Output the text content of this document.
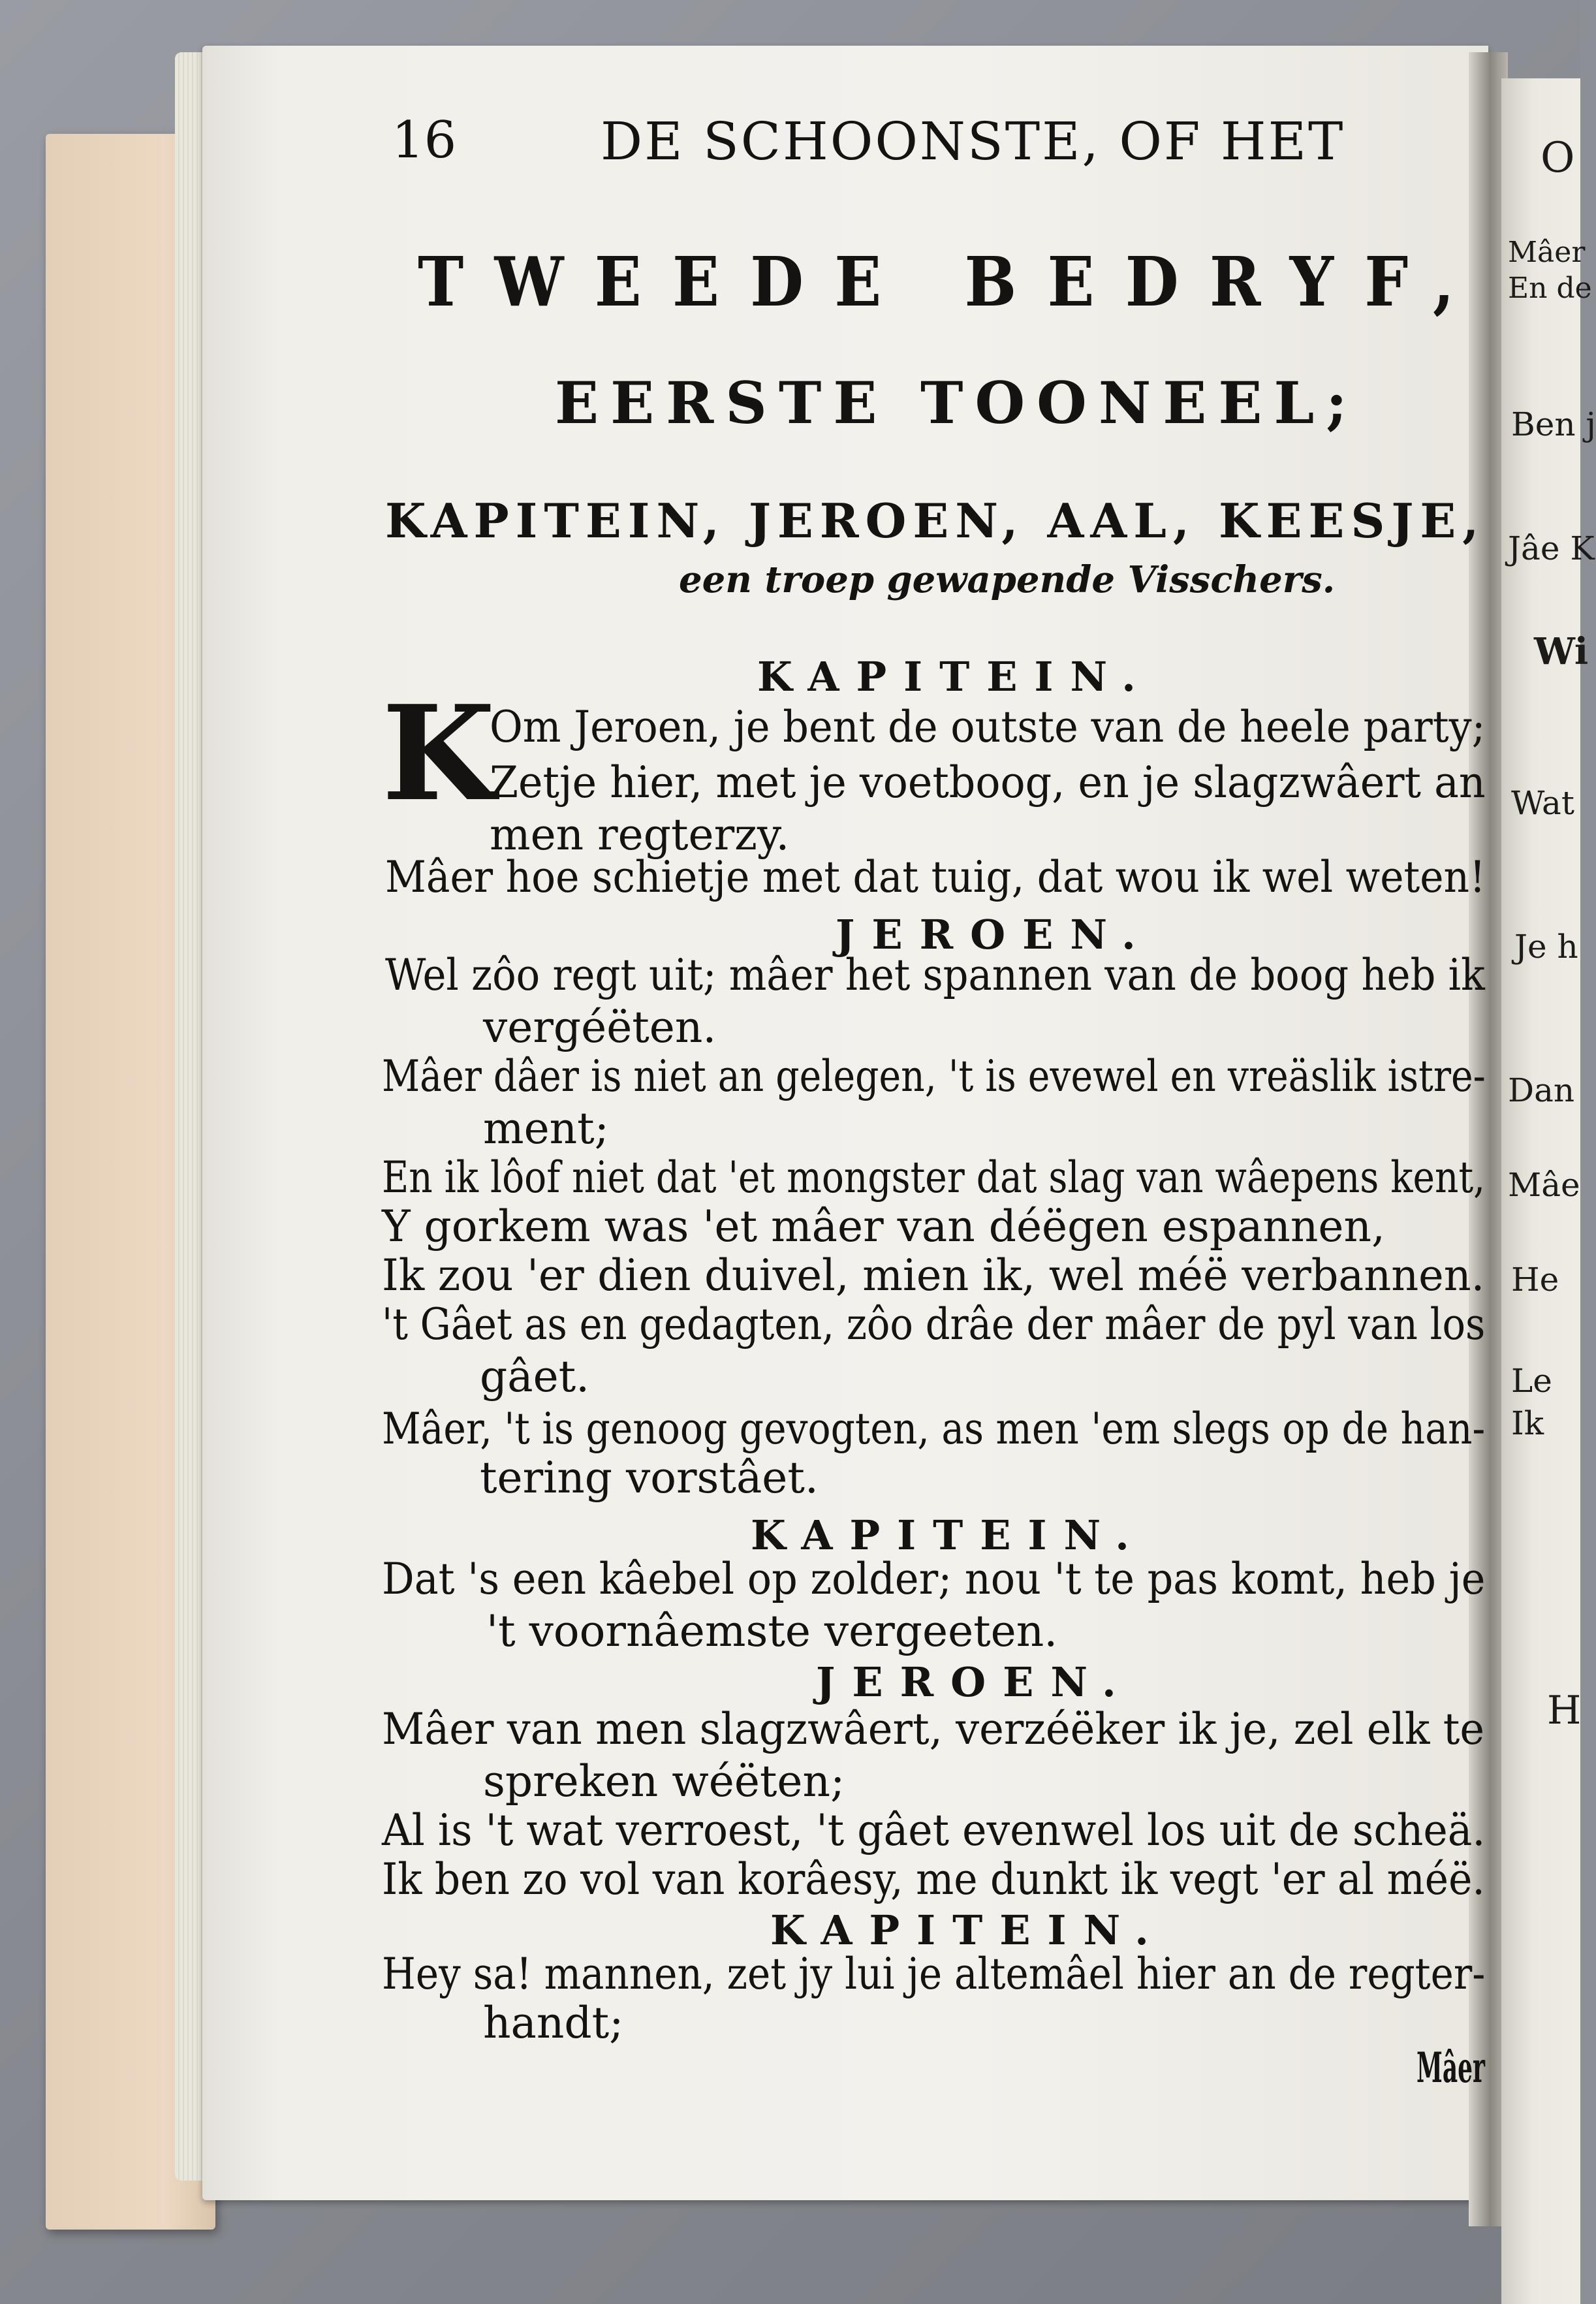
O
Mâer
En de
Ben j
Jâe K
Wi
Wat
Je h
Dan
Mâe
He
Le
Ik
H
16	DE SCHOONSTE, OF HET
TWEEDE BEDRYF,
EERSTE TOONEEL;
KAPITEIN, JEROEN, AAL, KEESJE,
een troep gewapende Visschers.
KAPITEIN.
K
Om Jeroen, je bent de outste van de heele party;
Zetje hier, met je voetboog, en je slagzwâert an
men regterzy.
Mâer hoe schietje met dat tuig, dat wou ik wel weten!
JEROEN.
Wel zôo regt uit; mâer het spannen van de boog heb ik
vergéëten.
Mâer dâer is niet an gelegen, 't is evewel en vreäslik istre-
ment;
En ik lôof niet dat 'et mongster dat slag van wâepens kent,
Y gorkem was 'et mâer van déëgen espannen,
Ik zou 'er dien duivel, mien ik, wel méë verbannen.
't Gâet as en gedagten, zôo drâe der mâer de pyl van los
gâet.
Mâer, 't is genoog gevogten, as men 'em slegs op de han-
tering vorstâet.
KAPITEIN.
Dat 's een kâebel op zolder; nou 't te pas komt, heb je
't voornâemste vergeeten.
JEROEN.
Mâer van men slagzwâert, verzéëker ik je, zel elk te
spreken wéëten;
Al is 't wat verroest, 't gâet evenwel los uit de scheä.
Ik ben zo vol van korâesy, me dunkt ik vegt 'er al méë.
KAPITEIN.
Hey sa! mannen, zet jy lui je altemâel hier an de regter-
handt;
Mâer
